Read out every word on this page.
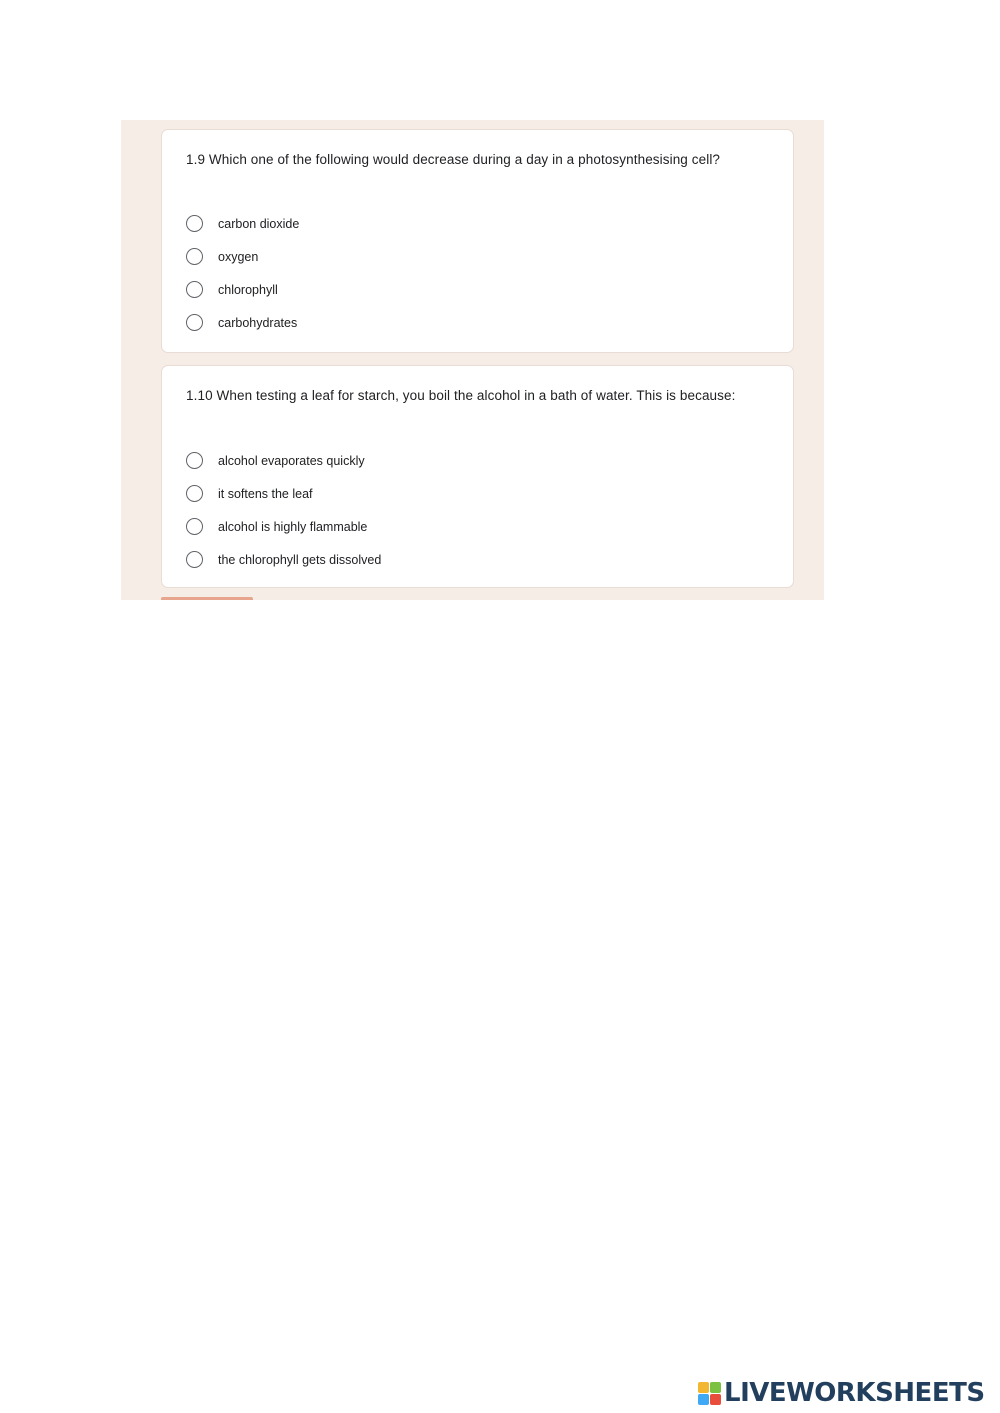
1.9 Which one of the following would decrease during a day in a photosynthesising cell?

carbon dioxide
oxygen
chlorophyll
carbohydrates

1.10 When testing a leaf for starch, you boil the alcohol in a bath of water. This is because:

alcohol evaporates quickly
it softens the leaf
alcohol is highly flammable
the chlorophyll gets dissolved
LIVEWORKSHEETS
